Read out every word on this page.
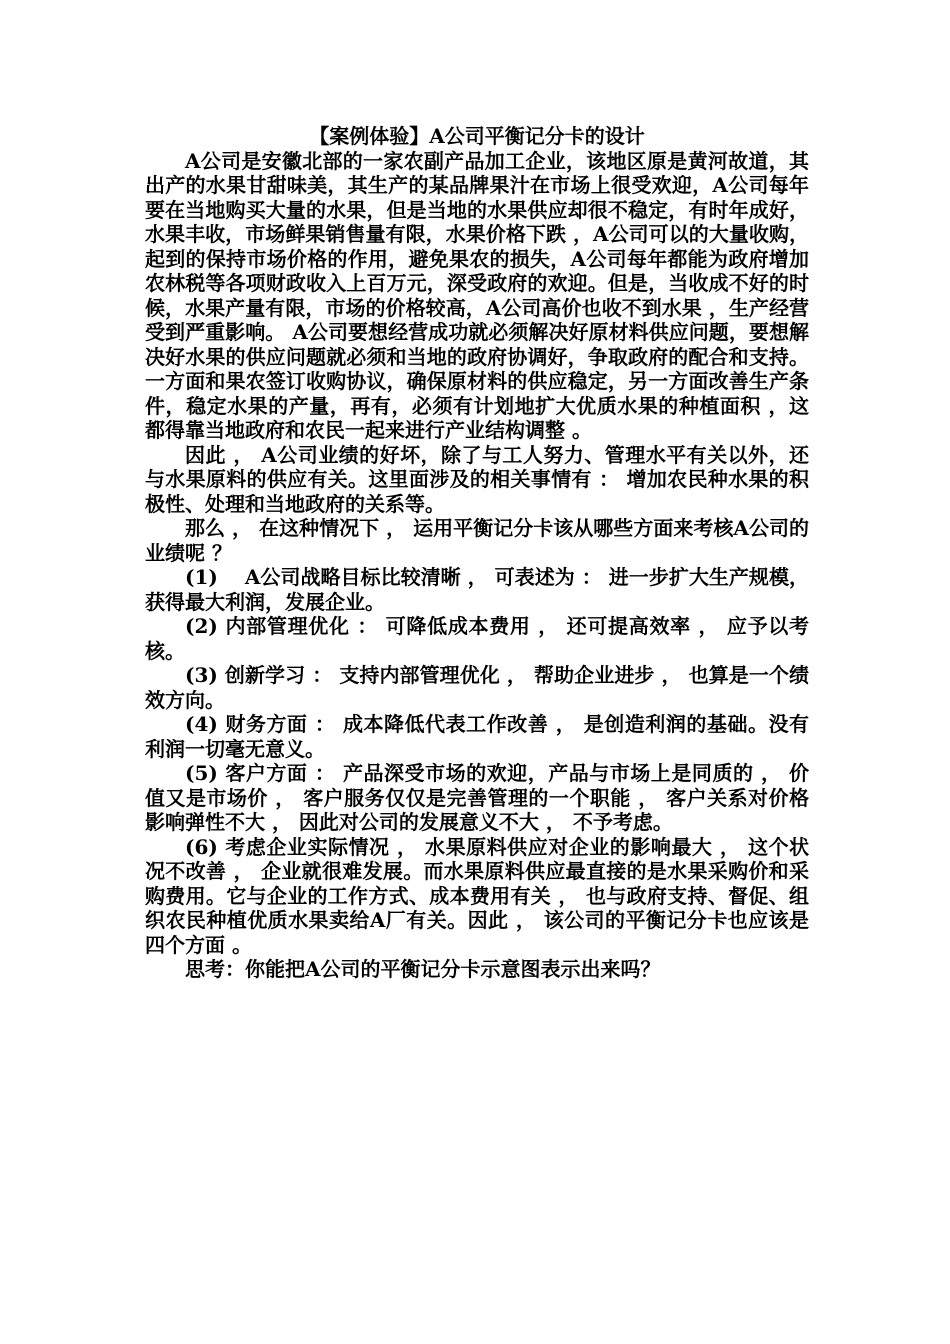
【案例体验】A公司平衡记分卡的设计

A公司是安徽北部的一家农副产品加工企业，该地区原是黄河故道，其出产的水果甘甜味美，其生产的某品牌果汁在市场上很受欢迎，A公司每年要在当地购买大量的水果，但是当地的水果供应却很不稳定，有时年成好，水果丰收，市场鲜果销售量有限，水果价格下跌 ，A公司可以的大量收购，起到的保持市场价格的作用，避免果农的损失，A公司每年都能为政府增加农林税等各项财政收入上百万元，深受政府的欢迎。但是，当收成不好的时候，水果产量有限，市场的价格较高，A公司高价也收不到水果 ，生产经营受到严重影响。 A公司要想经营成功就必须解决好原材料供应问题，要想解决好水果的供应问题就必须和当地的政府协调好，争取政府的配合和支持。一方面和果农签订收购协议，确保原材料的供应稳定，另一方面改善生产条件，稳定水果的产量，再有，必须有计划地扩大优质水果的种植面积 ，这都得靠当地政府和农民一起来进行产业结构调整 。

因此 ， A公司业绩的好坏，除了与工人努力、管理水平有关以外，还与水果原料的供应有关。这里面涉及的相关事情有 ： 增加农民种水果的积极性、处理和当地政府的关系等。

那么 ， 在这种情况下 ， 运用平衡记分卡该从哪些方面来考核A公司的业绩呢 ？

(1)　 A公司战略目标比较清晰 ， 可表述为 ： 进一步扩大生产规模，获得最大利润，发展企业。

(2) 内部管理优化 ： 可降低成本费用 ， 还可提高效率 ， 应予以考核。

(3) 创新学习 ： 支持内部管理优化 ， 帮助企业进步 ， 也算是一个绩效方向。

(4) 财务方面 ： 成本降低代表工作改善 ， 是创造利润的基础。没有利润一切毫无意义。

(5) 客户方面 ： 产品深受市场的欢迎，产品与市场上是同质的 ， 价值又是市场价 ， 客户服务仅仅是完善管理的一个职能 ， 客户关系对价格影响弹性不大 ， 因此对公司的发展意义不大 ， 不予考虑。

(6) 考虑企业实际情况 ， 水果原料供应对企业的影响最大 ， 这个状况不改善 ， 企业就很难发展。而水果原料供应最直接的是水果采购价和采购费用。它与企业的工作方式、成本费用有关 ， 也与政府支持、督促、组织农民种植优质水果卖给A厂有关。因此 ， 该公司的平衡记分卡也应该是四个方面 。

思考：你能把A公司的平衡记分卡示意图表示出来吗？
